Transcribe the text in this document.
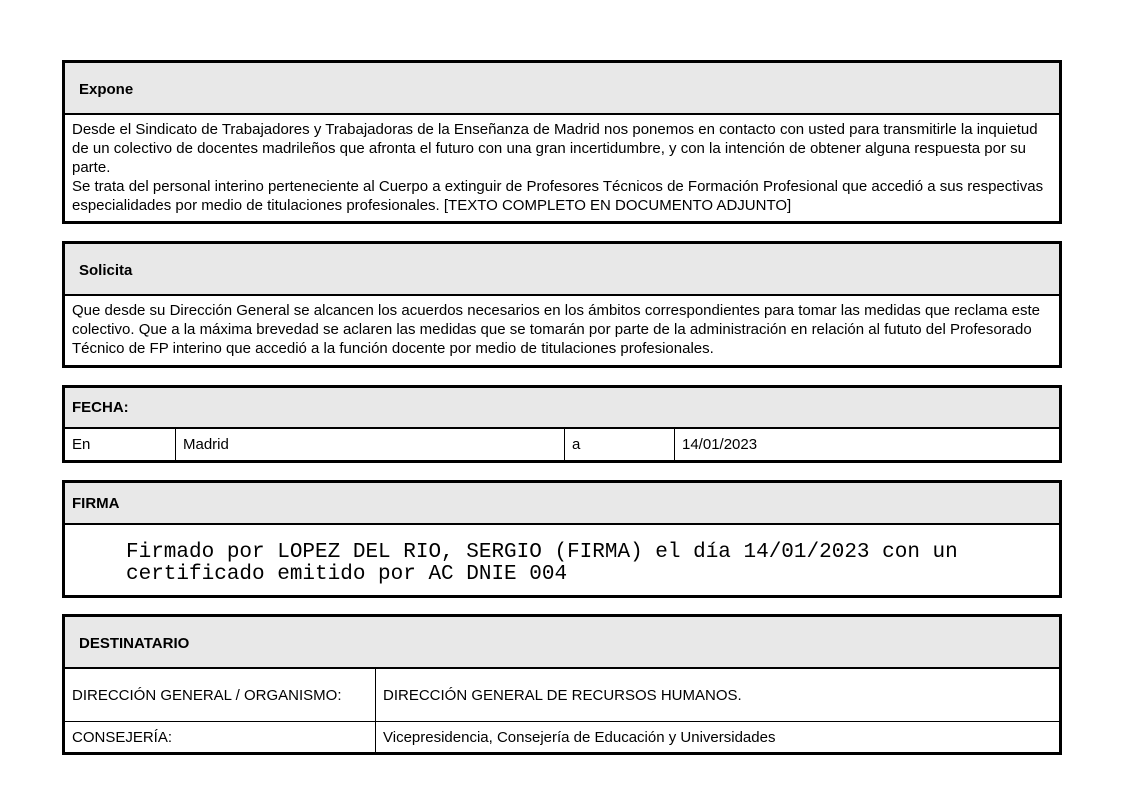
Expone

Desde el Sindicato de Trabajadores y Trabajadoras de la Enseñanza de Madrid nos ponemos en contacto con usted para transmitirle la inquietud de un colectivo de docentes madrileños que afronta el futuro con una gran incertidumbre, y con la intención de obtener alguna respuesta por su parte.

Se trata del personal interino perteneciente al Cuerpo a extinguir de Profesores Técnicos de Formación Profesional que accedió a sus respectivas especialidades por medio de titulaciones profesionales. [TEXTO COMPLETO EN DOCUMENTO ADJUNTO]

Solicita

Que desde su Dirección General se alcancen los acuerdos necesarios en los ámbitos correspondientes para tomar las medidas que reclama este colectivo. Que a la máxima brevedad se aclaren las medidas que se tomarán por parte de la administración en relación al fututo del Profesorado Técnico de FP interino que accedió a la función docente por medio de titulaciones profesionales.

FECHA:
En	Madrid	a	14/01/2023
FIRMA
Firmado por LOPEZ DEL RIO, SERGIO (FIRMA) el día 14/01/2023 con un certificado emitido por AC DNIE 004
DESTINATARIO
DIRECCIÓN GENERAL / ORGANISMO:	DIRECCIÓN GENERAL DE RECURSOS HUMANOS.
CONSEJERÍA:	Vicepresidencia, Consejería de Educación y Universidades
